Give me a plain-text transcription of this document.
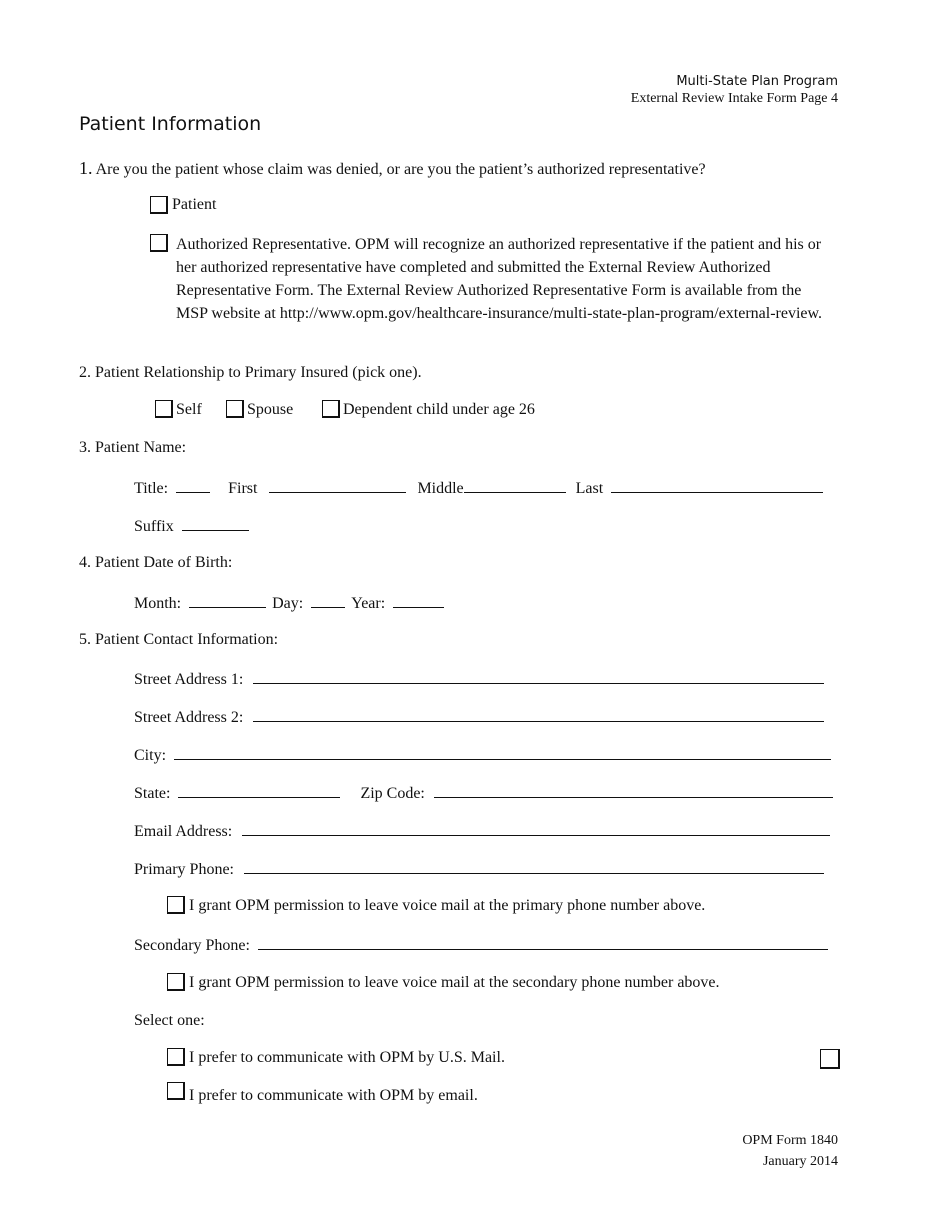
Multi-State Plan Program
External Review Intake Form Page 4
Patient Information
1. Are you the patient whose claim was denied, or are you the patient’s authorized representative?
Patient
Authorized Representative. OPM will recognize an authorized representative if the patient and his or her authorized representative have completed and submitted the External Review Authorized Representative Form. The External Review Authorized Representative Form is available from the MSP website at http://www.opm.gov/healthcare-insurance/multi-state-plan-program/external-review.
2. Patient Relationship to Primary Insured (pick one).
Self	Spouse	Dependent child under age 26
3. Patient Name:
Title:	First	Middle	Last
Suffix
4. Patient Date of Birth:
Month:	Day:	Year:
5. Patient Contact Information:
Street Address 1:
Street Address 2:
City:
State:	Zip Code:
Email Address:
Primary Phone:
I grant OPM permission to leave voice mail at the primary phone number above.
Secondary Phone:
I grant OPM permission to leave voice mail at the secondary phone number above.
Select one:
I prefer to communicate with OPM by U.S. Mail.
I prefer to communicate with OPM by email.
OPM Form 1840
January 2014
